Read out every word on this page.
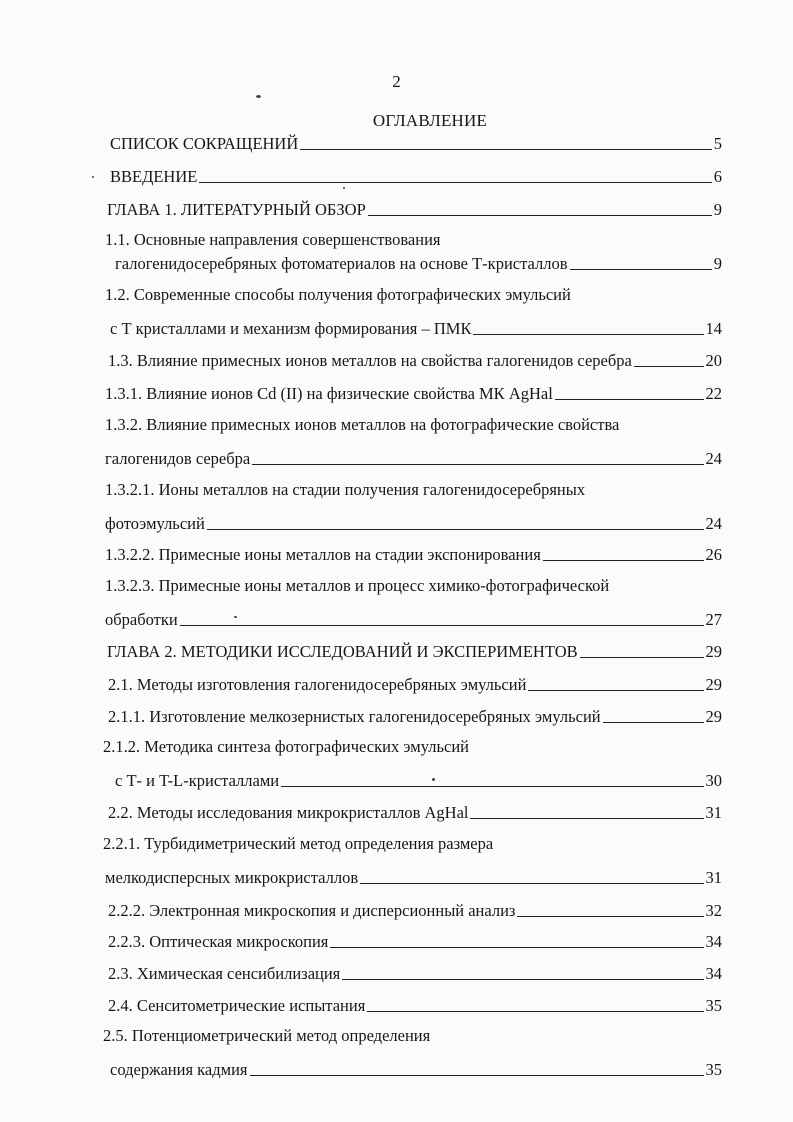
2
ОГЛАВЛЕНИЕ
СПИСОК СОКРАЩЕНИЙ	5
ВВЕДЕНИЕ	6
ГЛАВА 1. ЛИТЕРАТУРНЫЙ ОБЗОР	9
1.1. Основные направления совершенствования
галогенидосеребряных фотоматериалов на основе Т-кристаллов	9
1.2. Современные способы получения фотографических эмульсий
с Т кристаллами и механизм формирования – ПМК	14
1.3. Влияние примесных ионов металлов на свойства галогенидов серебра	20
1.3.1. Влияние ионов Cd (II) на физические свойства МК AgHal	22
1.3.2. Влияние примесных ионов металлов на фотографические свойства
галогенидов серебра	24
1.3.2.1. Ионы металлов на стадии получения галогенидосеребряных
фотоэмульсий	24
1.3.2.2. Примесные ионы металлов на стадии экспонирования	26
1.3.2.3. Примесные ионы металлов и процесс химико-фотографической
обработки	27
ГЛАВА 2. МЕТОДИКИ ИССЛЕДОВАНИЙ И ЭКСПЕРИМЕНТОВ	29
2.1. Методы изготовления галогенидосеребряных эмульсий	29
2.1.1. Изготовление мелкозернистых галогенидосеребряных эмульсий	29
2.1.2. Методика синтеза фотографических эмульсий
с Т- и T-L-кристаллами	30
2.2. Методы исследования микрокристаллов AgHal	31
2.2.1. Турбидиметрический метод определения размера
мелкодисперсных микрокристаллов	31
2.2.2. Электронная микроскопия и дисперсионный анализ	32
2.2.3. Оптическая микроскопия	34
2.3. Химическая сенсибилизация	34
2.4. Сенситометрические испытания	35
2.5. Потенциометрический метод определения
содержания кадмия	35
